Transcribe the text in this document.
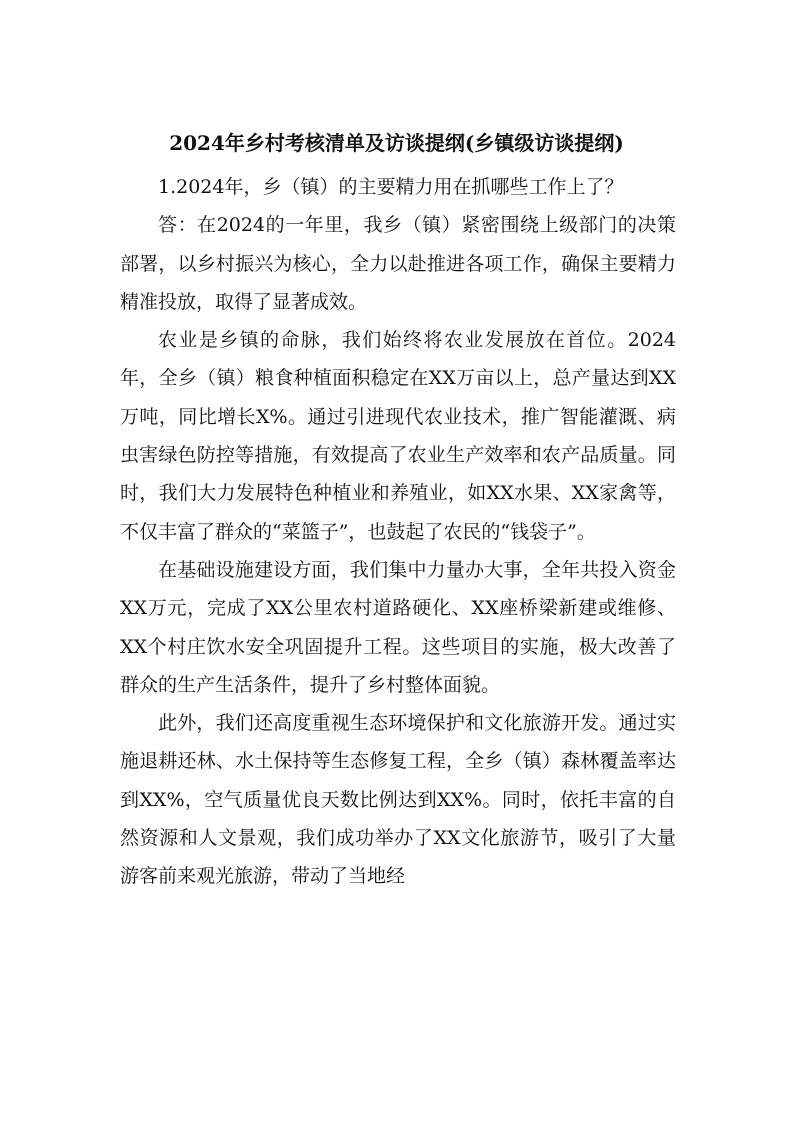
2024年乡村考核清单及访谈提纲(乡镇级访谈提纲)

1.2024年，乡（镇）的主要精力用在抓哪些工作上了？

答：在2024的一年里，我乡（镇）紧密围绕上级部门的决策部署，以乡村振兴为核心，全力以赴推进各项工作，确保主要精力精准投放，取得了显著成效。

农业是乡镇的命脉，我们始终将农业发展放在首位。2024年，全乡（镇）粮食种植面积稳定在XX万亩以上，总产量达到XX万吨，同比增长X%。通过引进现代农业技术，推广智能灌溉、病虫害绿色防控等措施，有效提高了农业生产效率和农产品质量。同时，我们大力发展特色种植业和养殖业，如XX水果、XX家禽等，不仅丰富了群众的“菜篮子”，也鼓起了农民的“钱袋子”。

在基础设施建设方面，我们集中力量办大事，全年共投入资金XX万元，完成了XX公里农村道路硬化、XX座桥梁新建或维修、XX个村庄饮水安全巩固提升工程。这些项目的实施，极大改善了群众的生产生活条件，提升了乡村整体面貌。

此外，我们还高度重视生态环境保护和文化旅游开发。通过实施退耕还林、水土保持等生态修复工程，全乡（镇）森林覆盖率达到XX%，空气质量优良天数比例达到XX%。同时，依托丰富的自然资源和人文景观，我们成功举办了XX文化旅游节，吸引了大量游客前来观光旅游，带动了当地经
